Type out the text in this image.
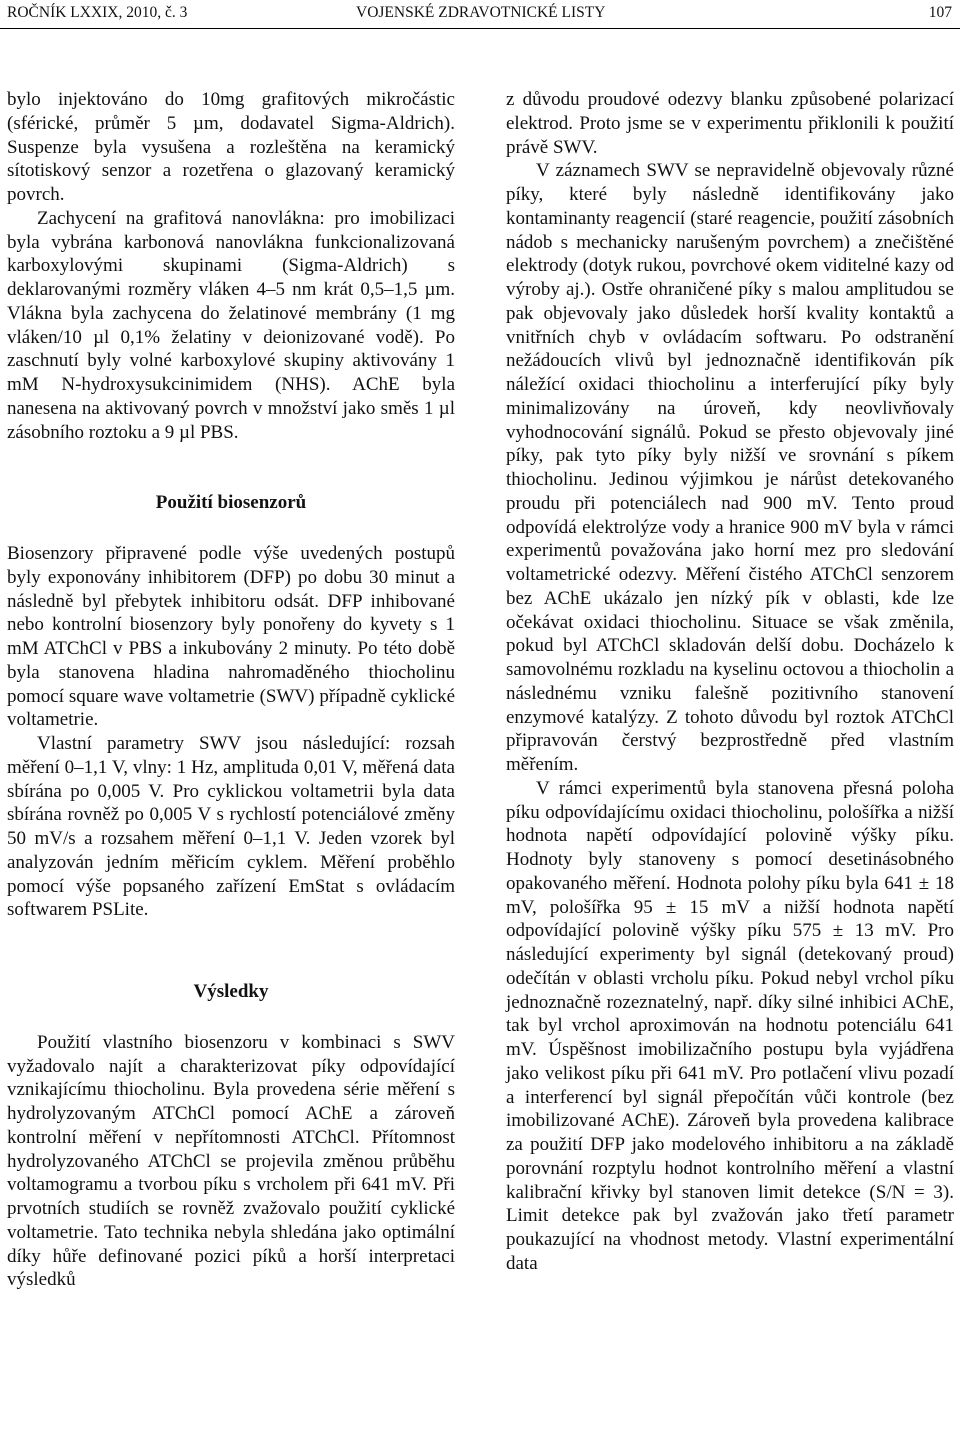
ROČNÍK LXXIX, 2010, č. 3	VOJENSKÉ ZDRAVOTNICKÉ LISTY	107

bylo injektováno do 10mg grafitových mikročástic (sférické, průměr 5 µm, dodavatel Sigma-Aldrich). Suspenze byla vysušena a rozleštěna na keramický sítotiskový senzor a rozetřena o glazovaný keramický povrch.

Zachycení na grafitová nanovlákna: pro imobilizaci byla vybrána karbonová nanovlákna funkcionalizovaná karboxylovými skupinami (Sigma-Aldrich) s deklarovanými rozměry vláken 4–5 nm krát 0,5–1,5 µm. Vlákna byla zachycena do želatinové membrány (1 mg vláken/10 µl 0,1% želatiny v deionizované vodě). Po zaschnutí byly volné karboxylové skupiny aktivovány 1 mM N-hydroxysukcinimidem (NHS). AChE byla nanesena na aktivovaný povrch v množství jako směs 1 µl zásobního roztoku a 9 µl PBS.

Použití biosenzorů

Biosenzory připravené podle výše uvedených postupů byly exponovány inhibitorem (DFP) po dobu 30 minut a následně byl přebytek inhibitoru odsát. DFP inhibované nebo kontrolní biosenzory byly ponořeny do kyvety s 1 mM ATChCl v PBS a inkubovány 2 minuty. Po této době byla stanovena hladina nahromaděného thiocholinu pomocí square wave voltametrie (SWV) případně cyklické voltametrie.

Vlastní parametry SWV jsou následující: rozsah měření 0–1,1 V, vlny: 1 Hz, amplituda 0,01 V, měřená data sbírána po 0,005 V. Pro cyklickou voltametrii byla data sbírána rovněž po 0,005 V s rychlostí potenciálové změny 50 mV/s a rozsahem měření 0–1,1 V. Jeden vzorek byl analyzován jedním měřicím cyklem. Měření proběhlo pomocí výše popsaného zařízení EmStat s ovládacím softwarem PSLite.

Výsledky

Použití vlastního biosenzoru v kombinaci s SWV vyžadovalo najít a charakterizovat píky odpovídající vznikajícímu thiocholinu. Byla provedena série měření s hydrolyzovaným ATChCl pomocí AChE a zároveň kontrolní měření v nepřítomnosti ATChCl. Přítomnost hydrolyzovaného ATChCl se projevila změnou průběhu voltamogramu a tvorbou píku s vrcholem při 641 mV. Při prvotních studiích se rovněž zvažovalo použití cyklické voltametrie. Tato technika nebyla shledána jako optimální díky hůře definované pozici píků a horší interpretaci výsledků

z důvodu proudové odezvy blanku způsobené polarizací elektrod. Proto jsme se v experimentu přiklonili k použití právě SWV.

V záznamech SWV se nepravidelně objevovaly různé píky, které byly následně identifikovány jako kontaminanty reagencií (staré reagencie, použití zásobních nádob s mechanicky narušeným povrchem) a znečištěné elektrody (dotyk rukou, povrchové okem viditelné kazy od výroby aj.). Ostře ohraničené píky s malou amplitudou se pak objevovaly jako důsledek horší kvality kontaktů a vnitřních chyb v ovládacím softwaru. Po odstranění nežádoucích vlivů byl jednoznačně identifikován pík náležící oxidaci thiocholinu a interferující píky byly minimalizovány na úroveň, kdy neovlivňovaly vyhodnocování signálů. Pokud se přesto objevovaly jiné píky, pak tyto píky byly nižší ve srovnání s píkem thiocholinu. Jedinou výjimkou je nárůst detekovaného proudu při potenciálech nad 900 mV. Tento proud odpovídá elektrolýze vody a hranice 900 mV byla v rámci experimentů považována jako horní mez pro sledování voltametrické odezvy. Měření čistého ATChCl senzorem bez AChE ukázalo jen nízký pík v oblasti, kde lze očekávat oxidaci thiocholinu. Situace se však změnila, pokud byl ATChCl skladován delší dobu. Docházelo k samovolnému rozkladu na kyselinu octovou a thiocholin a následnému vzniku falešně pozitivního stanovení enzymové katalýzy. Z tohoto důvodu byl roztok ATChCl připravován čerstvý bezprostředně před vlastním měřením.

V rámci experimentů byla stanovena přesná poloha píku odpovídajícímu oxidaci thiocholinu, pološířka a nižší hodnota napětí odpovídající polovině výšky píku. Hodnoty byly stanoveny s pomocí desetinásobného opakovaného měření. Hodnota polohy píku byla 641 ± 18 mV, pološířka 95 ± 15 mV a nižší hodnota napětí odpovídající polovině výšky píku 575 ± 13 mV. Pro následující experimenty byl signál (detekovaný proud) odečítán v oblasti vrcholu píku. Pokud nebyl vrchol píku jednoznačně rozeznatelný, např. díky silné inhibici AChE, tak byl vrchol aproximován na hodnotu potenciálu 641 mV. Úspěšnost imobilizačního postupu byla vyjádřena jako velikost píku při 641 mV. Pro potlačení vlivu pozadí a interferencí byl signál přepočítán vůči kontrole (bez imobilizované AChE). Zároveň byla provedena kalibrace za použití DFP jako modelového inhibitoru a na základě porovnání rozptylu hodnot kontrolního měření a vlastní kalibrační křivky byl stanoven limit detekce (S/N = 3). Limit detekce pak byl zvažován jako třetí parametr poukazující na vhodnost metody. Vlastní experimentální data
